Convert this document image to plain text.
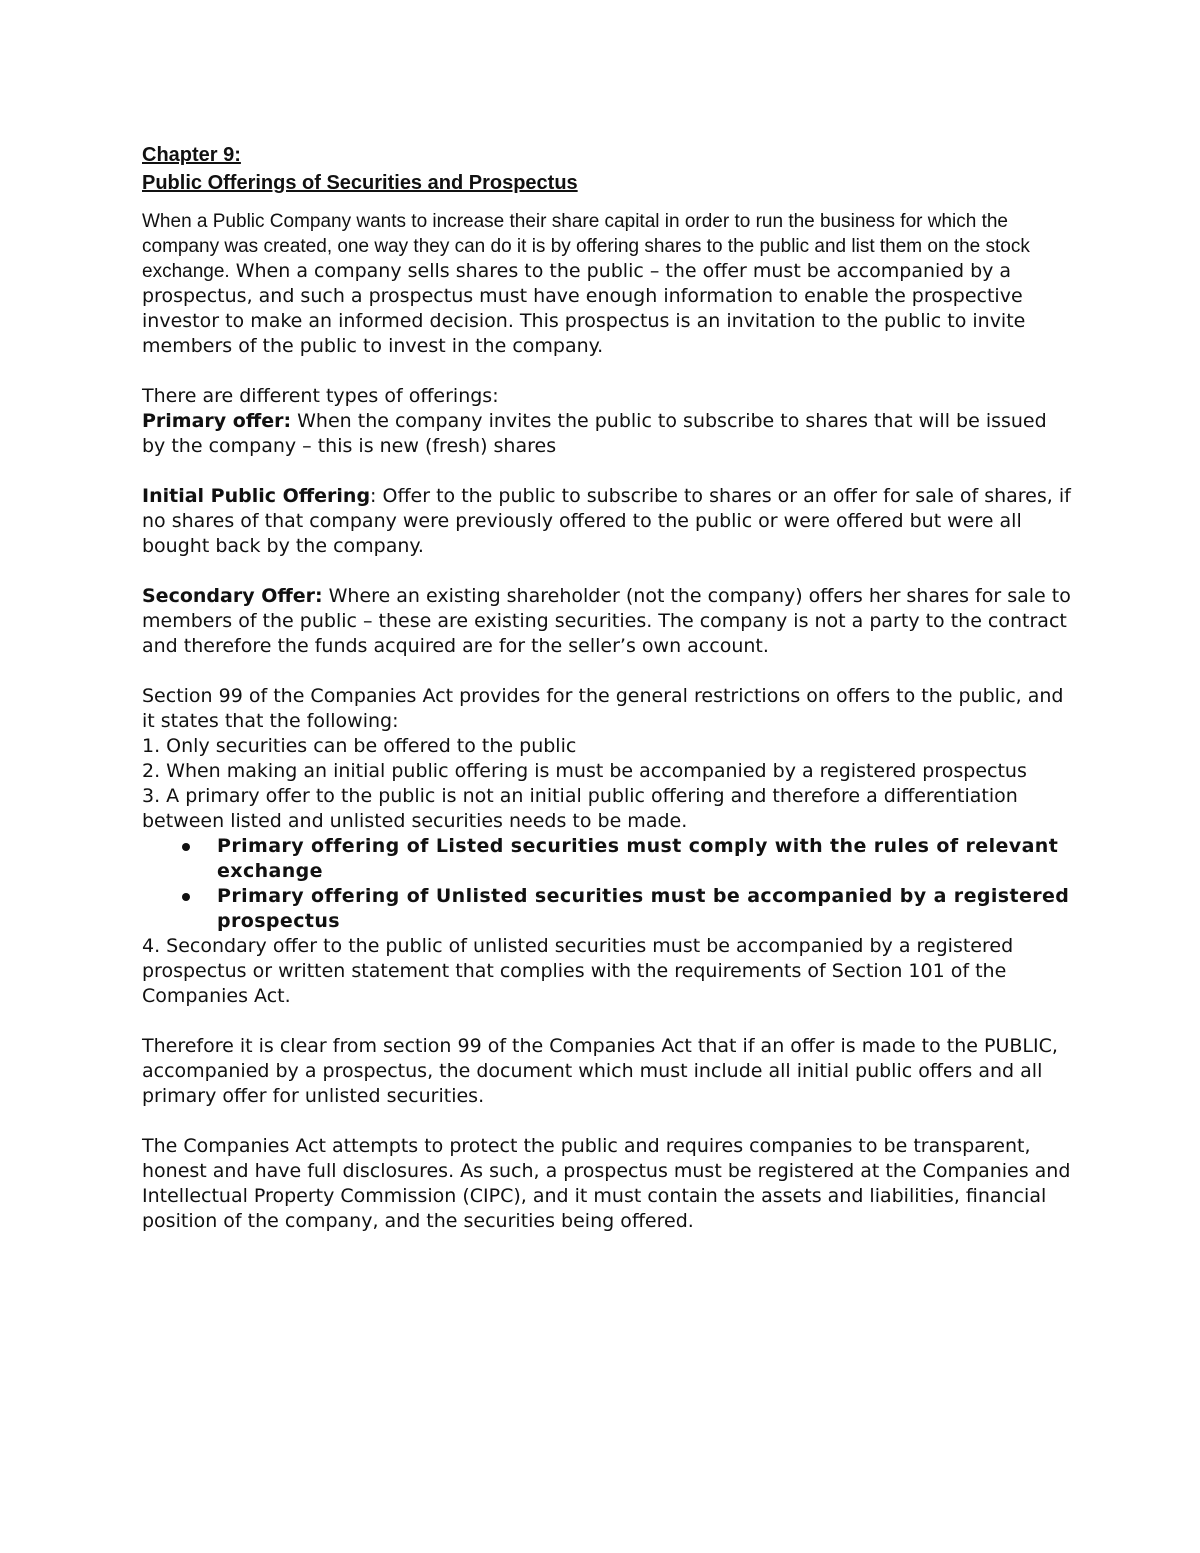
Chapter 9:

Public Offerings of Securities and Prospectus

When a Public Company wants to increase their share capital in order to run the business for which the company was created, one way they can do it is by offering shares to the public and list them on the stock exchange. When a company sells shares to the public – the offer must be accompanied by a prospectus, and such a prospectus must have enough information to enable the prospective investor to make an informed decision. This prospectus is an invitation to the public to invite members of the public to invest in the company.

There are different types of offerings:

Primary offer: When the company invites the public to subscribe to shares that will be issued by the company – this is new (fresh) shares

Initial Public Offering: Offer to the public to subscribe to shares or an offer for sale of shares, if no shares of that company were previously offered to the public or were offered but were all bought back by the company.

Secondary Offer: Where an existing shareholder (not the company) offers her shares for sale to members of the public – these are existing securities. The company is not a party to the contract and therefore the funds acquired are for the seller’s own account.

Section 99 of the Companies Act provides for the general restrictions on offers to the public, and it states that the following:

1. Only securities can be offered to the public

2. When making an initial public offering is must be accompanied by a registered prospectus

3. A primary offer to the public is not an initial public offering and therefore a differentiation between listed and unlisted securities needs to be made.

Primary offering of Listed securities must comply with the rules of relevant exchange
Primary offering of Unlisted securities must be accompanied by a registered prospectus

4. Secondary offer to the public of unlisted securities must be accompanied by a registered prospectus or written statement that complies with the requirements of Section 101 of the Companies Act.

Therefore it is clear from section 99 of the Companies Act that if an offer is made to the PUBLIC, accompanied by a prospectus, the document which must include all initial public offers and all primary offer for unlisted securities.

The Companies Act attempts to protect the public and requires companies to be transparent, honest and have full disclosures. As such, a prospectus must be registered at the Companies and Intellectual Property Commission (CIPC), and it must contain the assets and liabilities, financial position of the company, and the securities being offered.
